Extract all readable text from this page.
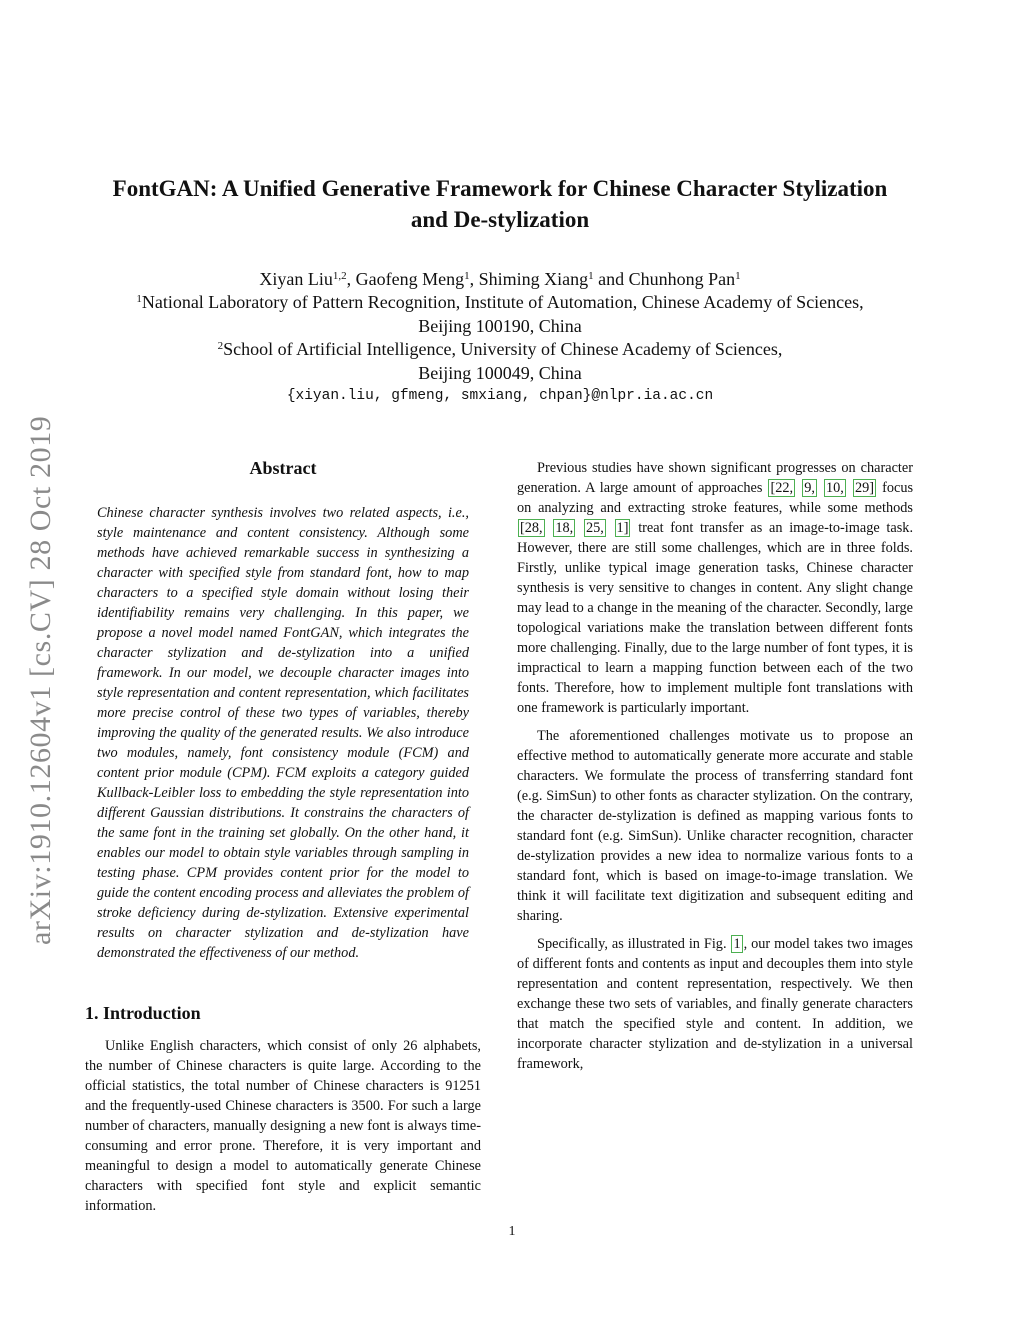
arXiv:1910.12604v1 [cs.CV] 28 Oct 2019
FontGAN: A Unified Generative Framework for Chinese Character Stylization
and De-stylization
Xiyan Liu$^{1,2}$, Gaofeng Meng$^1$, Shiming Xiang$^1$ and Chunhong Pan$^1$
$^1$National Laboratory of Pattern Recognition, Institute of Automation, Chinese Academy of Sciences,
Beijing 100190, China
$^2$School of Artificial Intelligence, University of Chinese Academy of Sciences,
Beijing 100049, China
{xiyan.liu, gfmeng, smxiang, chpan}@nlpr.ia.ac.cn
Abstract

Chinese character synthesis involves two related aspects, i.e., style maintenance and content consistency. Although some methods have achieved remarkable success in synthesizing a character with specified style from standard font, how to map characters to a specified style domain without losing their identifiability remains very challenging. In this paper, we propose a novel model named FontGAN, which integrates the character stylization and de-stylization into a unified framework. In our model, we decouple character images into style representation and content representation, which facilitates more precise control of these two types of variables, thereby improving the quality of the generated results. We also introduce two modules, namely, font consistency module (FCM) and content prior module (CPM). FCM exploits a category guided Kullback-Leibler loss to embedding the style representation into different Gaussian distributions. It constrains the characters of the same font in the training set globally. On the other hand, it enables our model to obtain style variables through sampling in testing phase. CPM provides content prior for the model to guide the content encoding process and alleviates the problem of stroke deficiency during de-stylization. Extensive experimental results on character stylization and de-stylization have demonstrated the effectiveness of our method.

1. Introduction

Unlike English characters, which consist of only 26 alphabets, the number of Chinese characters is quite large. According to the official statistics, the total number of Chinese characters is 91251 and the frequently-used Chinese characters is 3500. For such a large number of characters, manually designing a new font is always time-consuming and error prone. Therefore, it is very important and meaningful to design a model to automatically generate Chinese characters with specified font style and explicit semantic information.

Previous studies have shown significant progresses on character generation. A large amount of approaches [22, 9, 10, 29] focus on analyzing and extracting stroke features, while some methods [28, 18, 25, 1] treat font transfer as an image-to-image task. However, there are still some challenges, which are in three folds. Firstly, unlike typical image generation tasks, Chinese character synthesis is very sensitive to changes in content. Any slight change may lead to a change in the meaning of the character. Secondly, large topological variations make the translation between different fonts more challenging. Finally, due to the large number of font types, it is impractical to learn a mapping function between each of the two fonts. Therefore, how to implement multiple font translations with one framework is particularly important.

The aforementioned challenges motivate us to propose an effective method to automatically generate more accurate and stable characters. We formulate the process of transferring standard font (e.g. SimSun) to other fonts as character stylization. On the contrary, the character de-stylization is defined as mapping various fonts to standard font (e.g. SimSun). Unlike character recognition, character de-stylization provides a new idea to normalize various fonts to a standard font, which is based on image-to-image translation. We think it will facilitate text digitization and subsequent editing and sharing.

Specifically, as illustrated in Fig. 1 , our model takes two images of different fonts and contents as input and decouples them into style representation and content representation, respectively. We then exchange these two sets of variables, and finally generate characters that match the specified style and content. In addition, we incorporate character stylization and de-stylization in a universal framework,

1
